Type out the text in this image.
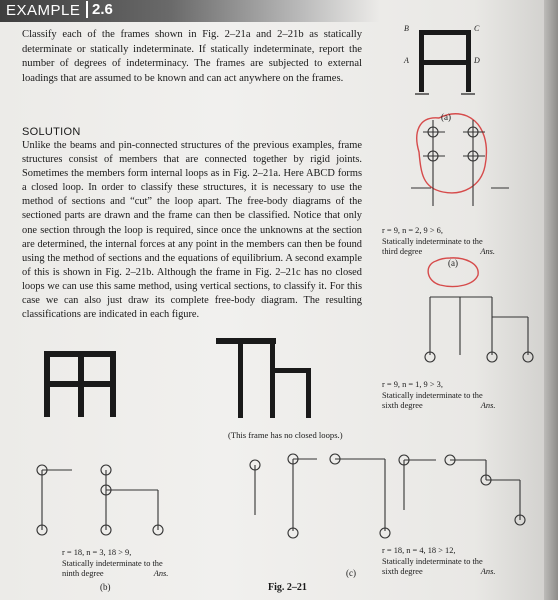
EXAMPLE 2.6

Classify each of the frames shown in Fig. 2–21a and 2–21b as statically determinate or statically indeterminate. If statically indeterminate, report the number of degrees of indeterminacy. The frames are subjected to external loadings that are assumed to be known and can act anywhere on the frames.

SOLUTION

Unlike the beams and pin-connected structures of the previous examples, frame structures consist of members that are connected together by rigid joints. Sometimes the members form internal loops as in Fig. 2–21a. Here ABCD forms a closed loop. In order to classify these structures, it is necessary to use the method of sections and “cut” the loop apart. The free-body diagrams of the sectioned parts are drawn and the frame can then be classified. Notice that only one section through the loop is required, since once the unknowns at the section are determined, the internal forces at any point in the members can then be found using the method of sections and the equations of equilibrium. A second example of this is shown in Fig. 2–21b. Although the frame in Fig. 2–21c has no closed loops we can use this same method, using vertical sections, to classify it. For this case we can also just draw its complete free-body diagram. The resulting classifications are indicated in each figure.

B	C
A	D
(a)
r = 9, n = 2, 9 > 6,
Statically indeterminate to the
third degree	Ans.
(a)
r = 9, n = 1, 9 > 3,
Statically indeterminate to the
sixth degree	Ans.
(This frame has no closed loops.)
r = 18, n = 3, 18 > 9,
Statically indeterminate to the
ninth degree	Ans.
(b)
(c)
r = 18, n = 4, 18 > 12,
Statically indeterminate to the
sixth degree	Ans.
Fig. 2–21
